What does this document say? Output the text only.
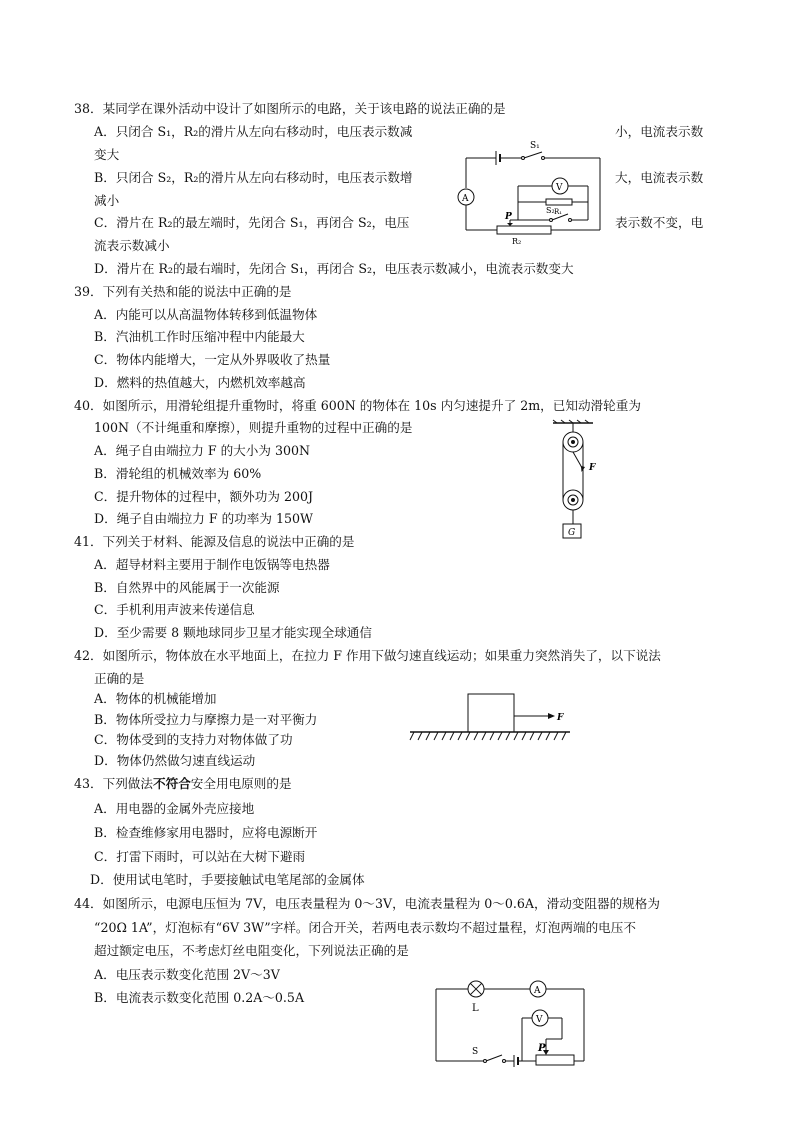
38．某同学在课外活动中设计了如图所示的电路，关于该电路的说法正确的是
A．只闭合 S₁，R₂的滑片从左向右移动时，电压表示数减	小，电流表示数
变大
B．只闭合 S₂，R₂的滑片从左向右移动时，电压表示数增	大，电流表示数
减小
C．滑片在 R₂的最左端时，先闭合 S₁，再闭合 S₂，电压	表示数不变，电
流表示数减小
D．滑片在 R₂的最右端时，先闭合 S₁，再闭合 S₂，电压表示数减小，电流表示数变大
S₁
A
V
R₁
P
S₂
R₂
39．下列有关热和能的说法中正确的是
A．内能可以从高温物体转移到低温物体
B．汽油机工作时压缩冲程中内能最大
C．物体内能增大，一定从外界吸收了热量
D．燃料的热值越大，内燃机效率越高
40．如图所示，用滑轮组提升重物时，将重 600N 的物体在 10s 内匀速提升了 2m，已知动滑轮重为
100N（不计绳重和摩擦），则提升重物的过程中正确的是
A．绳子自由端拉力 F 的大小为 300N
B．滑轮组的机械效率为 60%
C．提升物体的过程中，额外功为 200J
D．绳子自由端拉力 F 的功率为 150W
F
G
41．下列关于材料、能源及信息的说法中正确的是
A．超导材料主要用于制作电饭锅等电热器
B．自然界中的风能属于一次能源
C．手机利用声波来传递信息
D．至少需要 8 颗地球同步卫星才能实现全球通信
42．如图所示，物体放在水平地面上，在拉力 F 作用下做匀速直线运动；如果重力突然消失了，以下说法
正确的是
A．物体的机械能增加
B．物体所受拉力与摩擦力是一对平衡力
C．物体受到的支持力对物体做了功
D．物体仍然做匀速直线运动
F
43．下列做法不符合安全用电原则的是
A．用电器的金属外壳应接地
B．检查维修家用电器时，应将电源断开
C．打雷下雨时，可以站在大树下避雨
D．使用试电笔时，手要接触试电笔尾部的金属体
44．如图所示，电源电压恒为 7V，电压表量程为 0～3V，电流表量程为 0～0.6A，滑动变阻器的规格为
“20Ω 1A”，灯泡标有“6V 3W”字样。闭合开关，若两电表示数均不超过量程，灯泡两端的电压不
超过额定电压，不考虑灯丝电阻变化，下列说法正确的是
A．电压表示数变化范围 2V～3V
B．电流表示数变化范围 0.2A～0.5A
L
A
V
S	P
